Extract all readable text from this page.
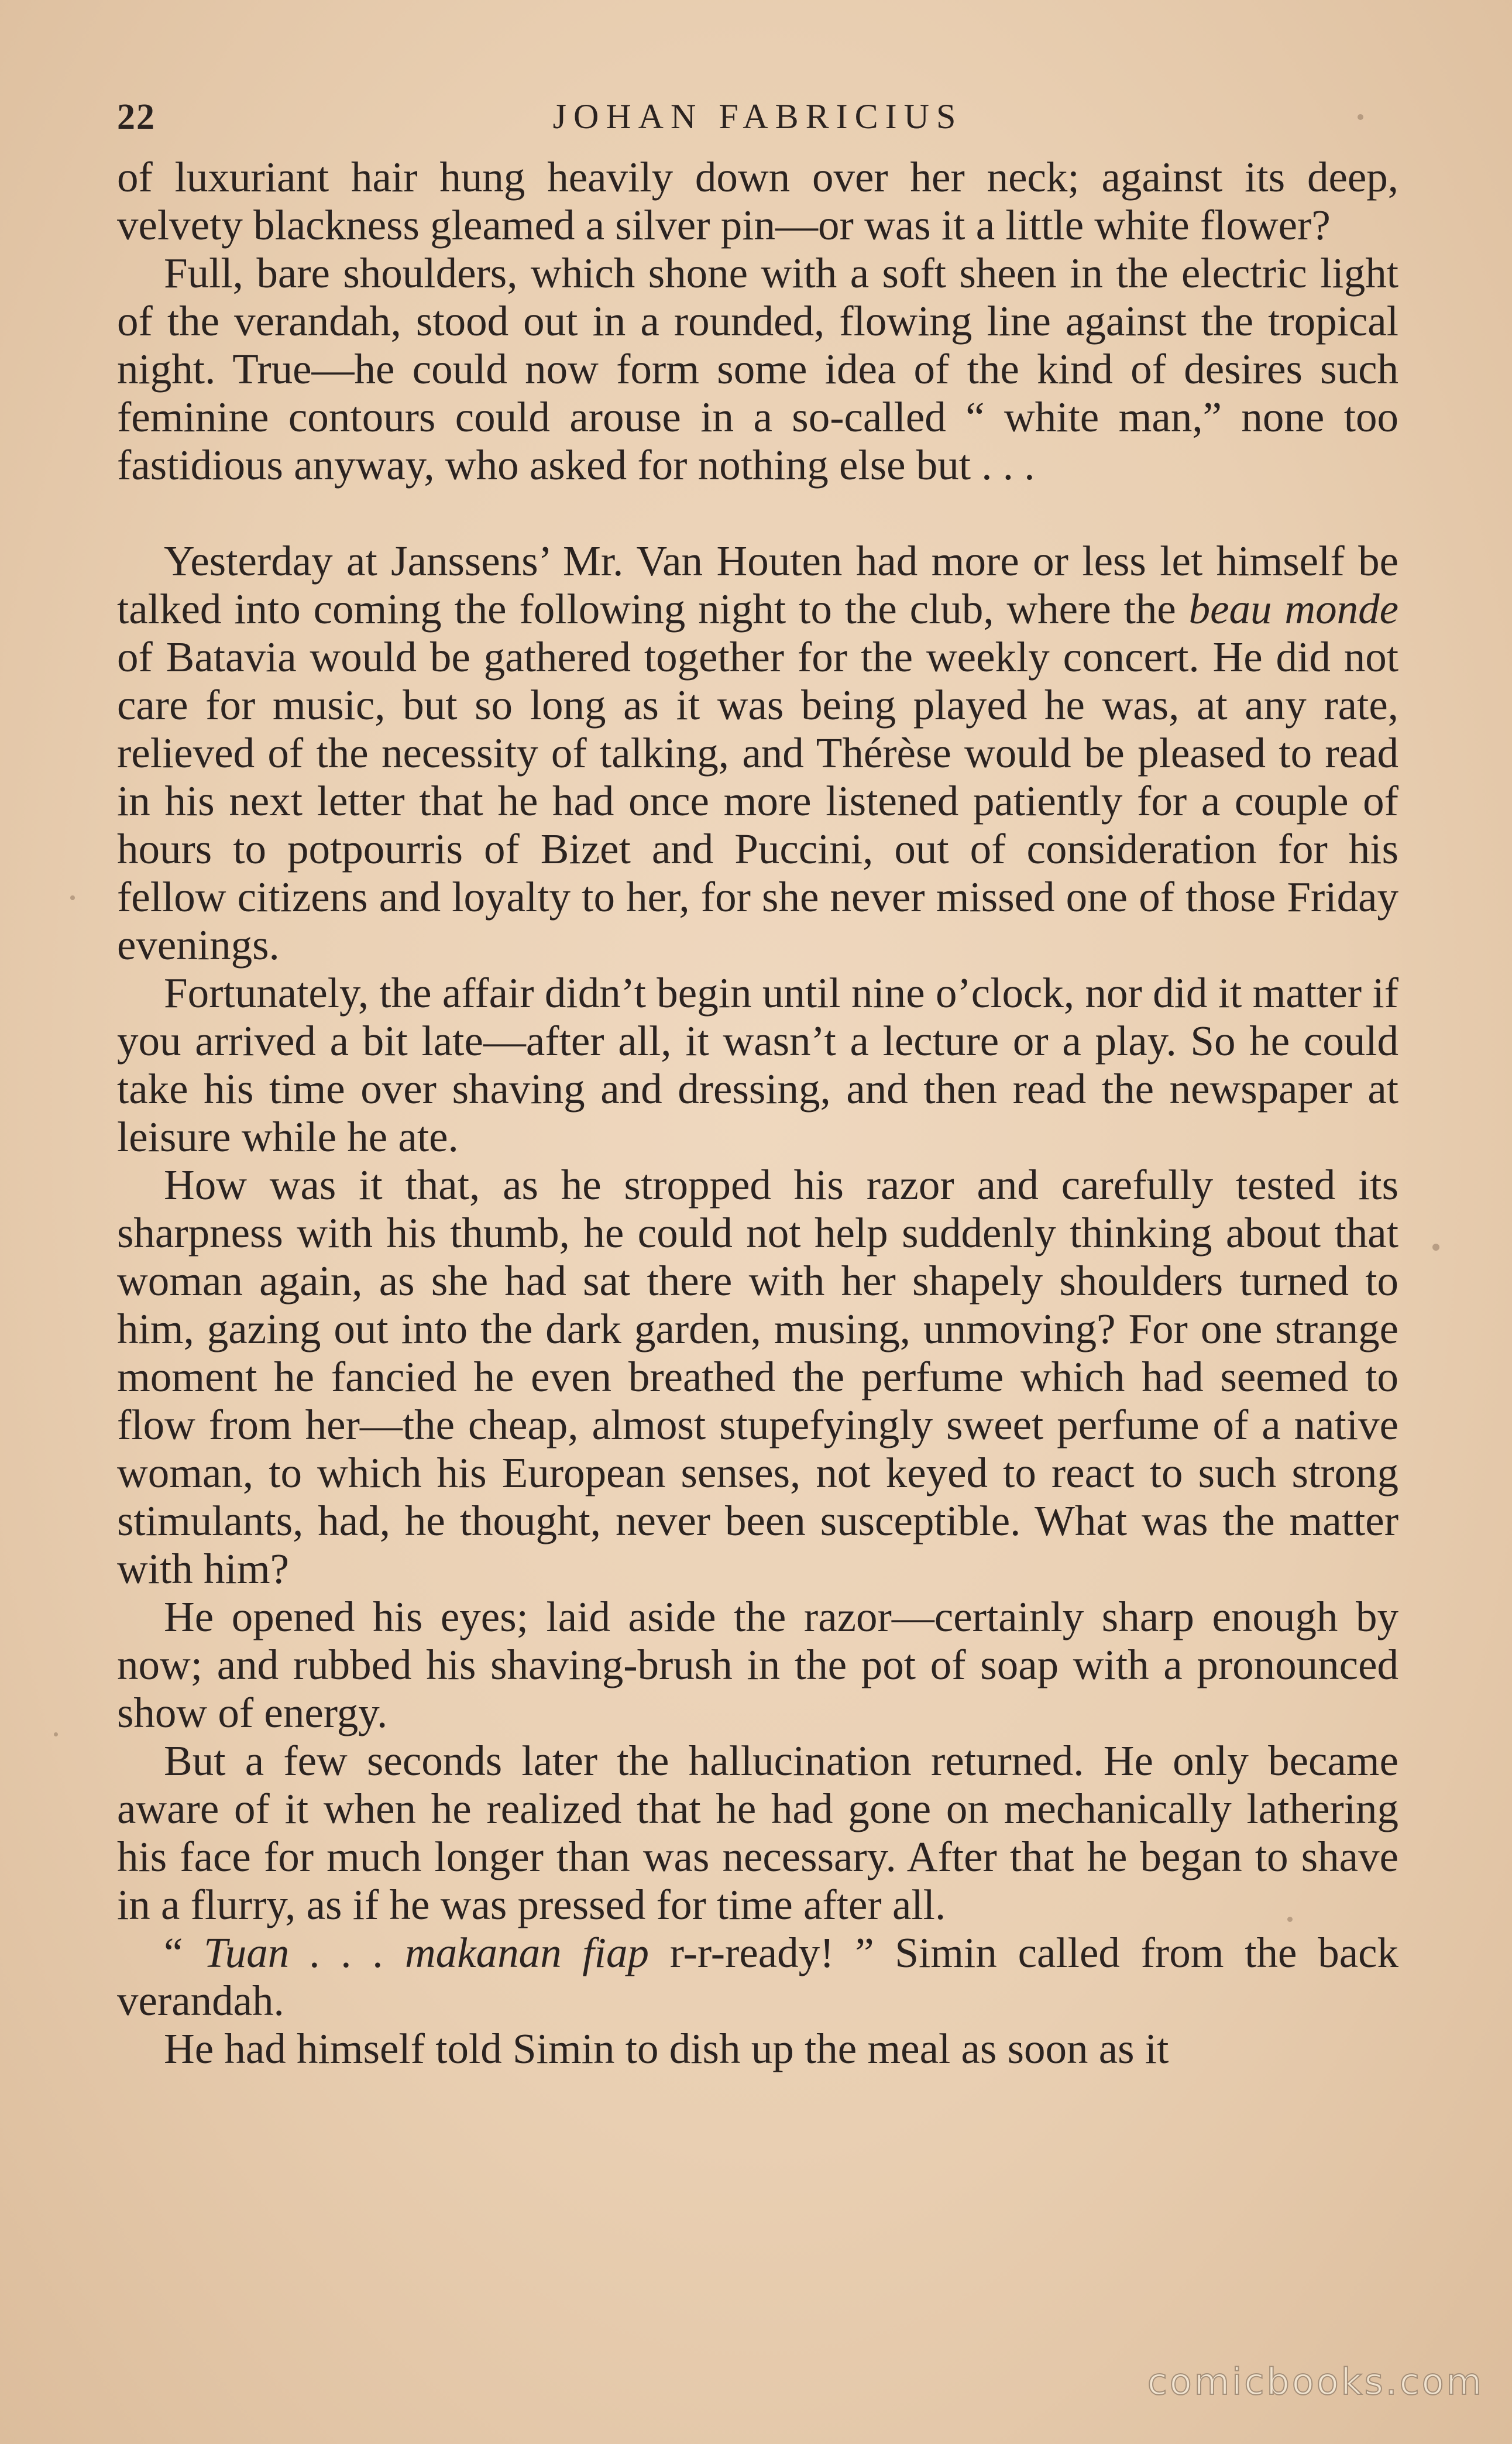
22	JOHAN FABRICIUS

of luxuriant hair hung heavily down over her neck; against its deep, velvety blackness gleamed a silver pin—or was it a little white flower?

Full, bare shoulders, which shone with a soft sheen in the electric light of the verandah, stood out in a rounded, flowing line against the tropical night. True—he could now form some idea of the kind of desires such feminine contours could arouse in a so-called “ white man,” none too fastidious anyway, who asked for nothing else but . . .

Yesterday at Janssens’ Mr. Van Houten had more or less let himself be talked into coming the following night to the club, where the beau monde of Batavia would be gathered together for the weekly concert. He did not care for music, but so long as it was being played he was, at any rate, relieved of the necessity of talking, and Thérèse would be pleased to read in his next letter that he had once more listened patiently for a couple of hours to potpourris of Bizet and Puccini, out of consideration for his fellow citizens and loyalty to her, for she never missed one of those Friday evenings.

Fortunately, the affair didn’t begin until nine o’clock, nor did it matter if you arrived a bit late—after all, it wasn’t a lecture or a play. So he could take his time over shaving and dressing, and then read the newspaper at leisure while he ate.

How was it that, as he stropped his razor and carefully tested its sharpness with his thumb, he could not help suddenly thinking about that woman again, as she had sat there with her shapely shoulders turned to him, gazing out into the dark garden, musing, unmoving? For one strange moment he fancied he even breathed the perfume which had seemed to flow from her—the cheap, almost stupefyingly sweet perfume of a native woman, to which his European senses, not keyed to react to such strong stimulants, had, he thought, never been susceptible. What was the matter with him?

He opened his eyes; laid aside the razor—certainly sharp enough by now; and rubbed his shaving-brush in the pot of soap with a pronounced show of energy.

But a few seconds later the hallucination returned. He only became aware of it when he realized that he had gone on mechanically lathering his face for much longer than was necessary. After that he began to shave in a flurry, as if he was pressed for time after all.

“ Tuan . . . makanan fiap r-r-ready! ” Simin called from the back verandah.

He had himself told Simin to dish up the meal as soon as it

comicbooks.com
